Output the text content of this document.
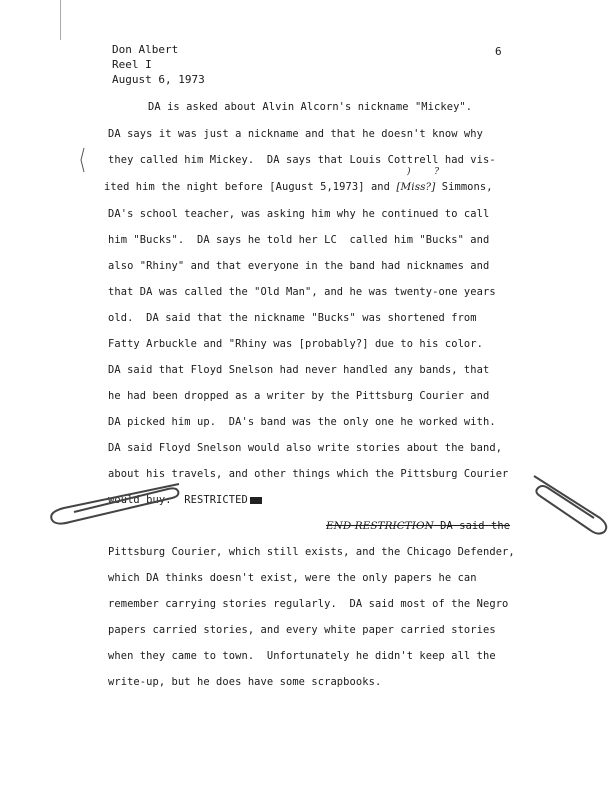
Don Albert
Reel I
August 6, 1973
6
DA is asked about Alvin Alcorn's nickname "Mickey".
DA says it was just a nickname and that he doesn't know why
they called him Mickey.  DA says that Louis Cottrell had vis-
)        ?
ited him the night before [August 5,1973] and [Miss?] Simmons,
DA's school teacher, was asking him why he continued to call
him "Bucks".  DA says he told her LC  called him "Bucks" and
also "Rhiny" and that everyone in the band had nicknames and
that DA was called the "Old Man", and he was twenty-one years
old.  DA said that the nickname "Bucks" was shortened from
Fatty Arbuckle and "Rhiny was [probably?] due to his color.
DA said that Floyd Snelson had never handled any bands, that
he had been dropped as a writer by the Pittsburg Courier and
DA picked him up.  DA's band was the only one he worked with.
DA said Floyd Snelson would also write stories about the band,
about his travels, and other things which the Pittsburg Courier
would buy.  RESTRICTED
END RESTRICTION DA said the
Pittsburg Courier, which still exists, and the Chicago Defender,
which DA thinks doesn't exist, were the only papers he can
remember carrying stories regularly.  DA said most of the Negro
papers carried stories, and every white paper carried stories
when they came to town.  Unfortunately he didn't keep all the
write-up, but he does have some scrapbooks.
